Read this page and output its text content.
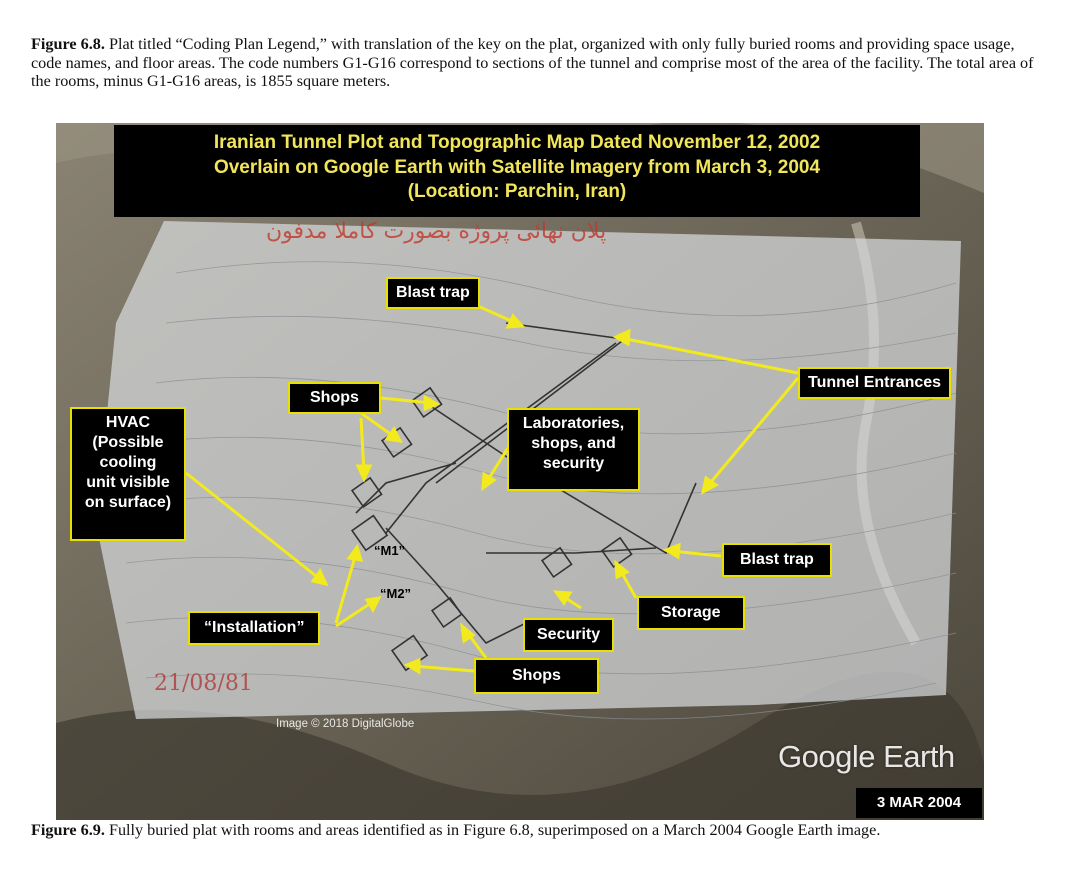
Figure 6.8. Plat titled “Coding Plan Legend,” with translation of the key on the plat, organized with only fully buried rooms and providing space usage, code names, and floor areas. The code numbers G1-G16 correspond to sections of the tunnel and comprise most of the area of the facility. The total area of the rooms, minus G1-G16 areas, is 1855 square meters.
Iranian Tunnel Plot and Topographic Map Dated November 12, 2002
Overlain on Google Earth with Satellite Imagery from March 3, 2004
(Location: Parchin, Iran)
پلان نهائی پروژه بصورت کاملا مدفون
21/08/81
Blast trap
Tunnel Entrances
Shops
HVAC
(Possible
cooling
unit visible
on surface)
Laboratories,
shops, and
security
Blast trap
Storage
Security
Shops
“Installation”
“M1”
“M2”
Image © 2018 DigitalGlobe
Google Earth
3 MAR 2004
Figure 6.9. Fully buried plat with rooms and areas identified as in Figure 6.8, superimposed on a March 2004 Google Earth image.
